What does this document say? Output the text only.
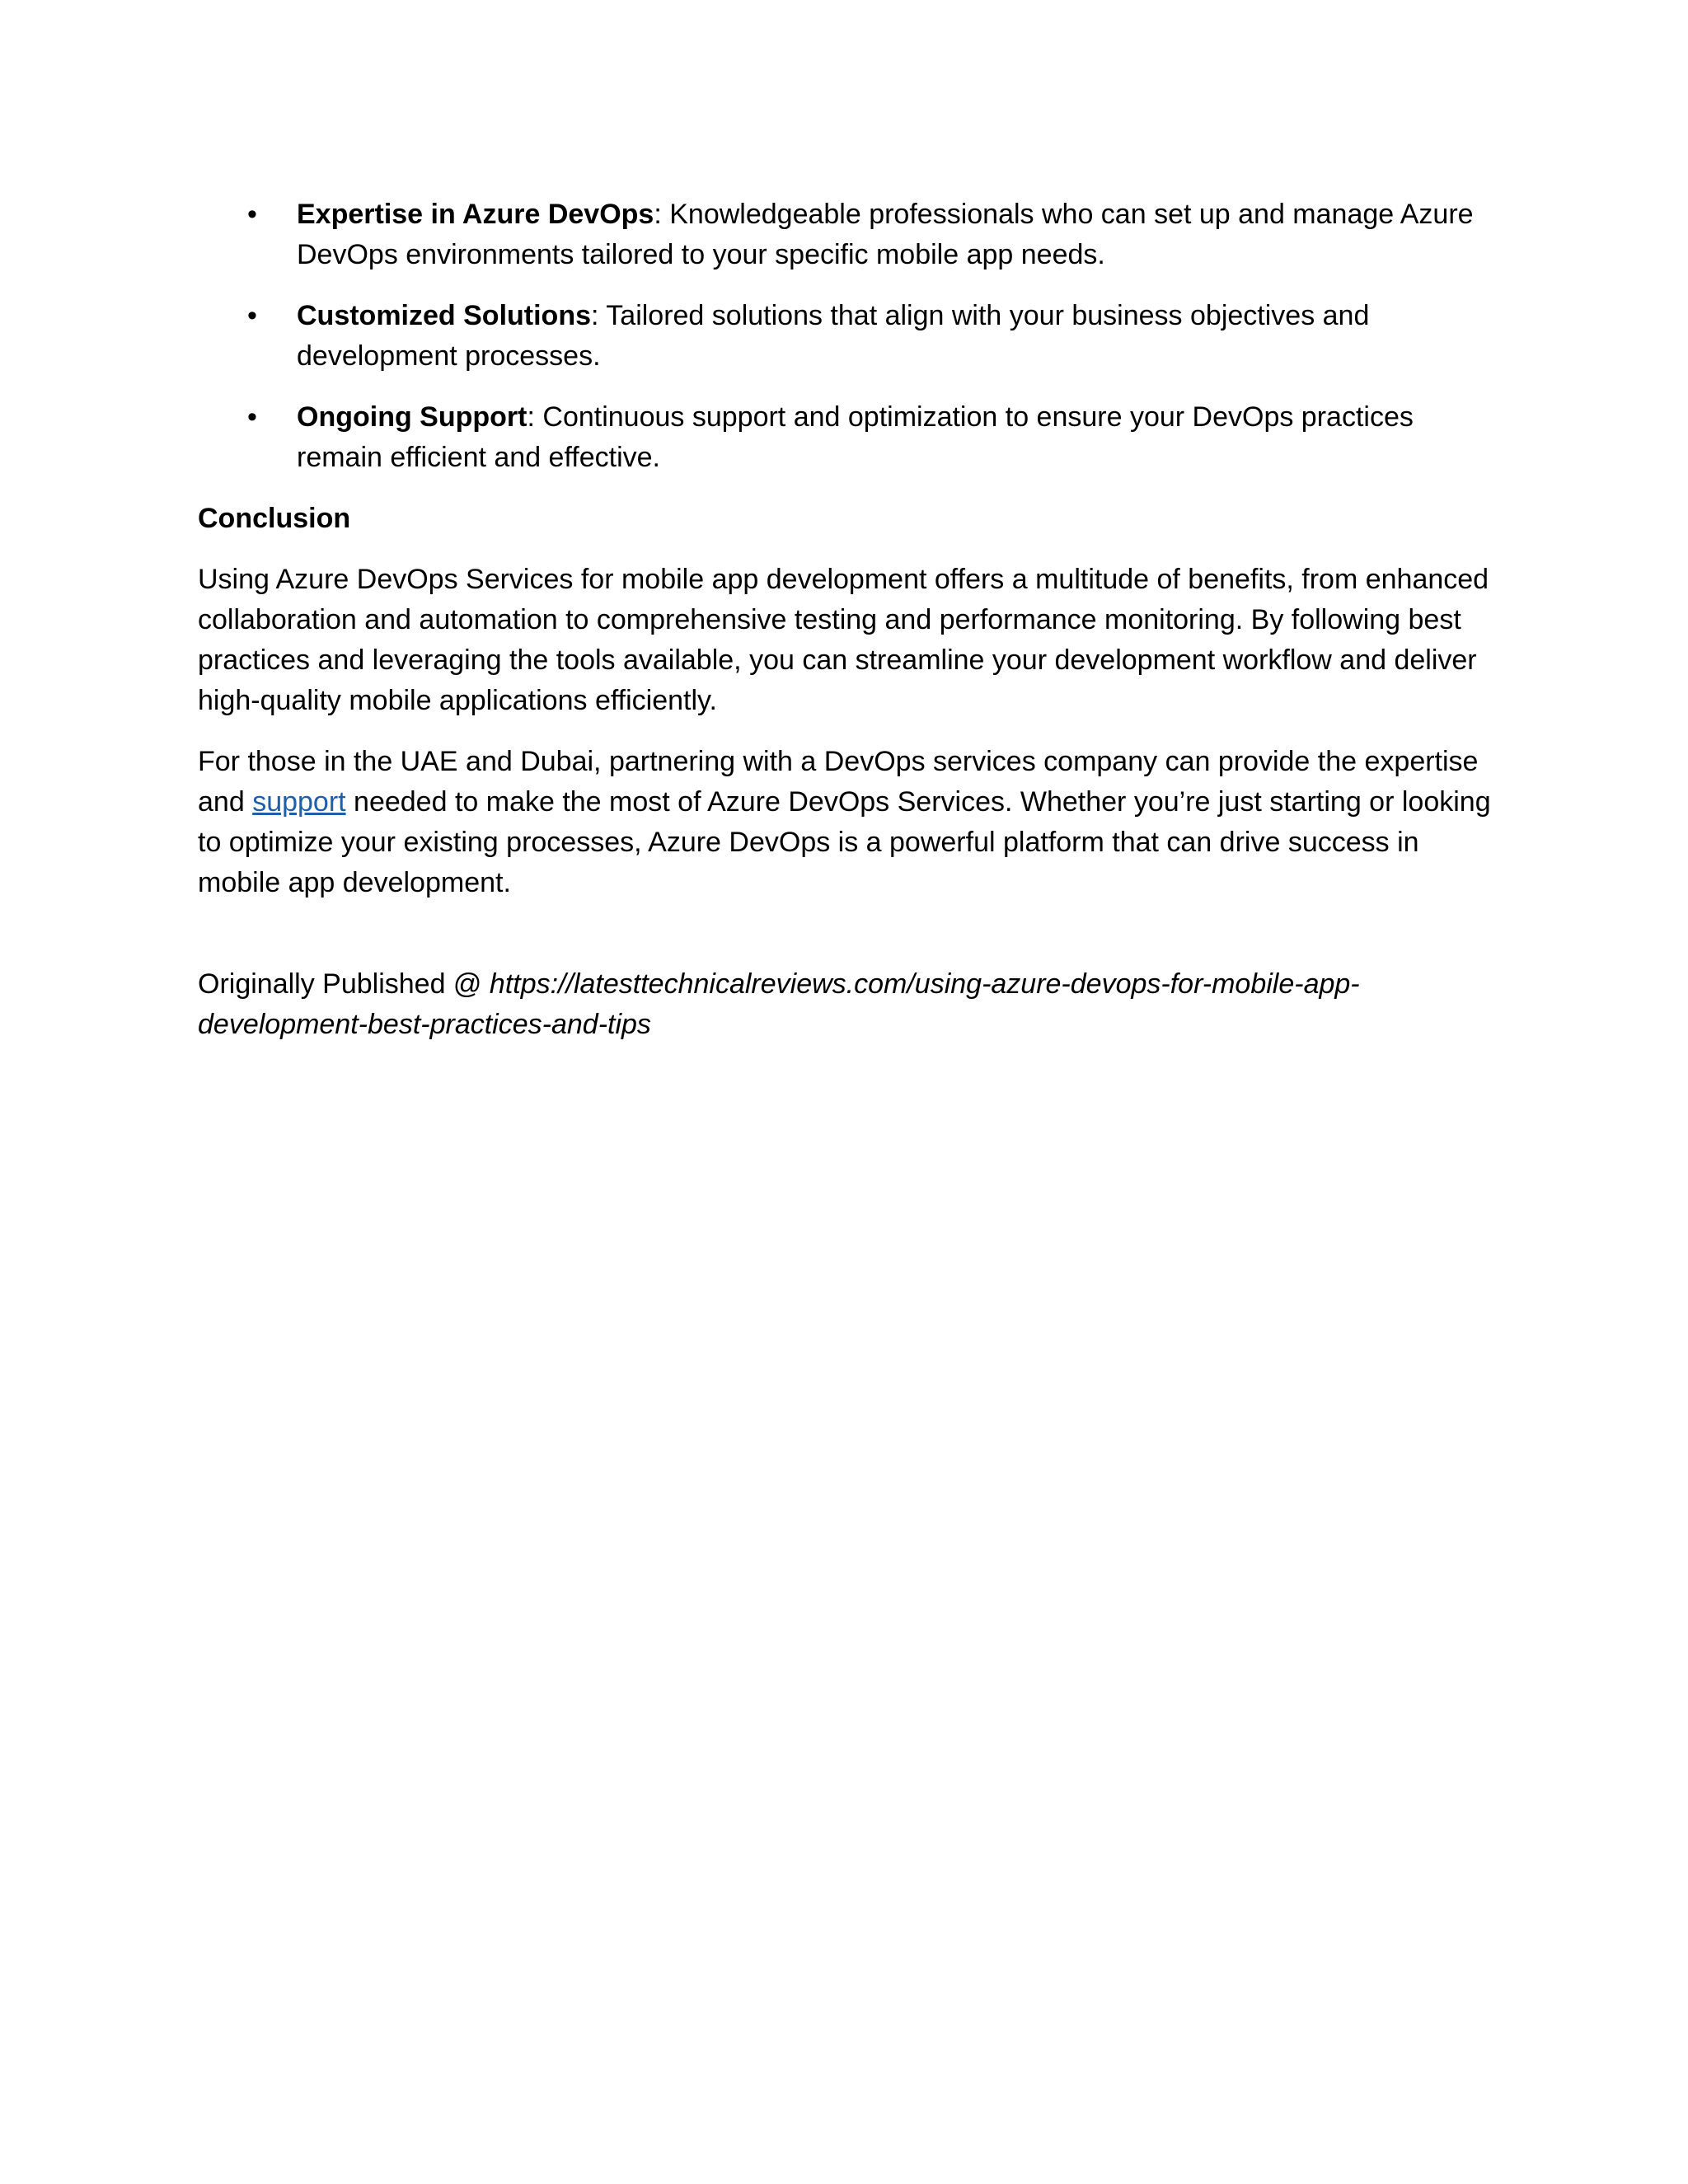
• Expertise in Azure DevOps: Knowledgeable professionals who can set up and manage Azure DevOps environments tailored to your specific mobile app needs.
• Customized Solutions: Tailored solutions that align with your business objectives and development processes.
• Ongoing Support: Continuous support and optimization to ensure your DevOps practices remain efficient and effective.
Conclusion

Using Azure DevOps Services for mobile app development offers a multitude of benefits, from enhanced collaboration and automation to comprehensive testing and performance monitoring. By following best practices and leveraging the tools available, you can streamline your development workflow and deliver high-quality mobile applications efficiently.

For those in the UAE and Dubai, partnering with a DevOps services company can provide the expertise and support needed to make the most of Azure DevOps Services. Whether you’re just starting or looking to optimize your existing processes, Azure DevOps is a powerful platform that can drive success in mobile app development.

Originally Published @ https://latesttechnicalreviews.com/using-azure-devops-for-mobile-app-development-best-practices-and-tips
